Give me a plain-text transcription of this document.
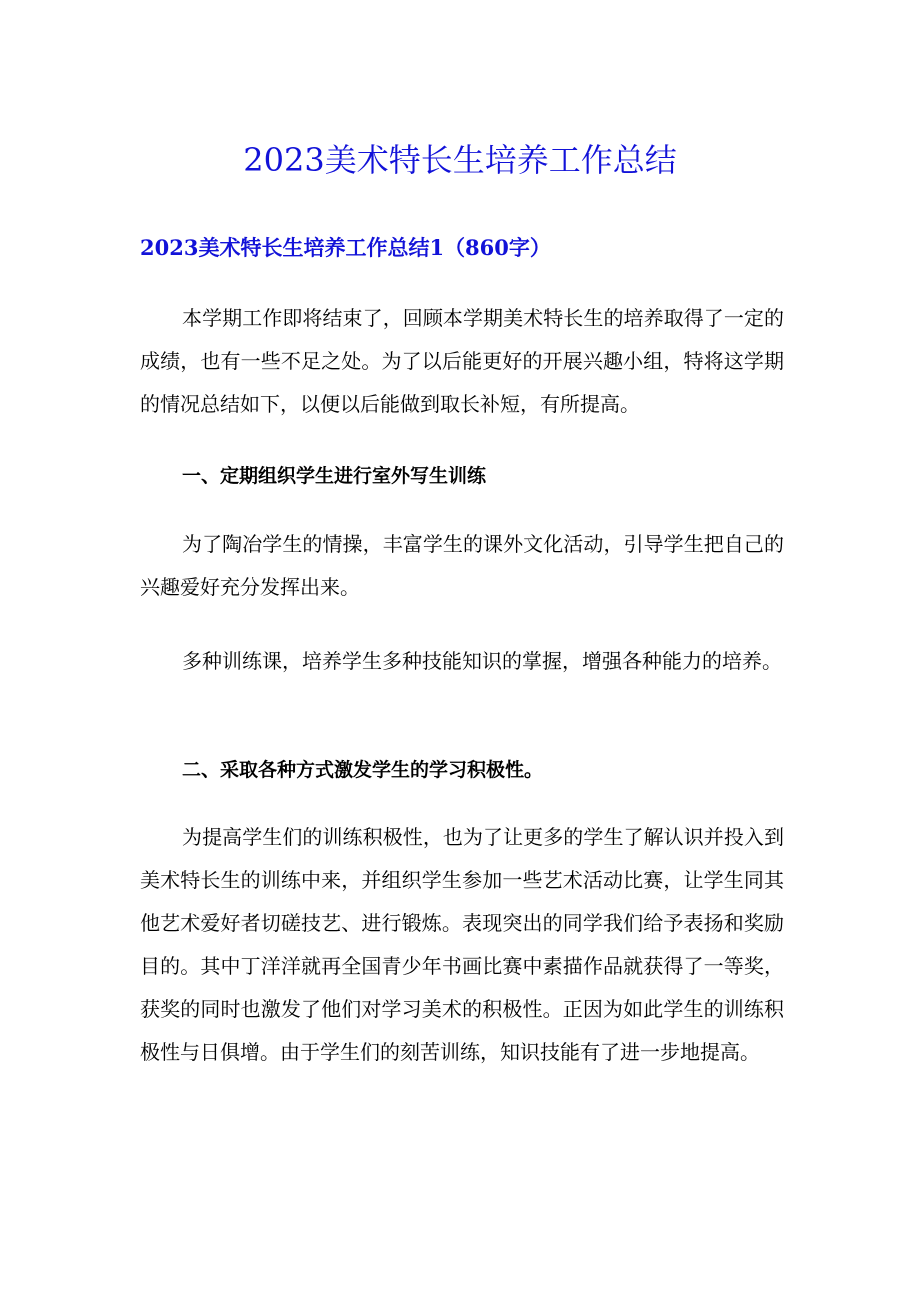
2023美术特长生培养工作总结
2023美术特长生培养工作总结1（860字）

本学期工作即将结束了，回顾本学期美术特长生的培养取得了一定的成绩，也有一些不足之处。为了以后能更好的开展兴趣小组，特将这学期的情况总结如下，以便以后能做到取长补短，有所提高。

一、定期组织学生进行室外写生训练

为了陶冶学生的情操，丰富学生的课外文化活动，引导学生把自己的兴趣爱好充分发挥出来。

多种训练课，培养学生多种技能知识的掌握，增强各种能力的培养。

二、采取各种方式激发学生的学习积极性。

为提高学生们的训练积极性，也为了让更多的学生了解认识并投入到美术特长生的训练中来，并组织学生参加一些艺术活动比赛，让学生同其他艺术爱好者切磋技艺、进行锻炼。表现突出的同学我们给予表扬和奖励目的。其中丁洋洋就再全国青少年书画比赛中素描作品就获得了一等奖，获奖的同时也激发了他们对学习美术的积极性。正因为如此学生的训练积极性与日俱增。由于学生们的刻苦训练，知识技能有了进一步地提高。
